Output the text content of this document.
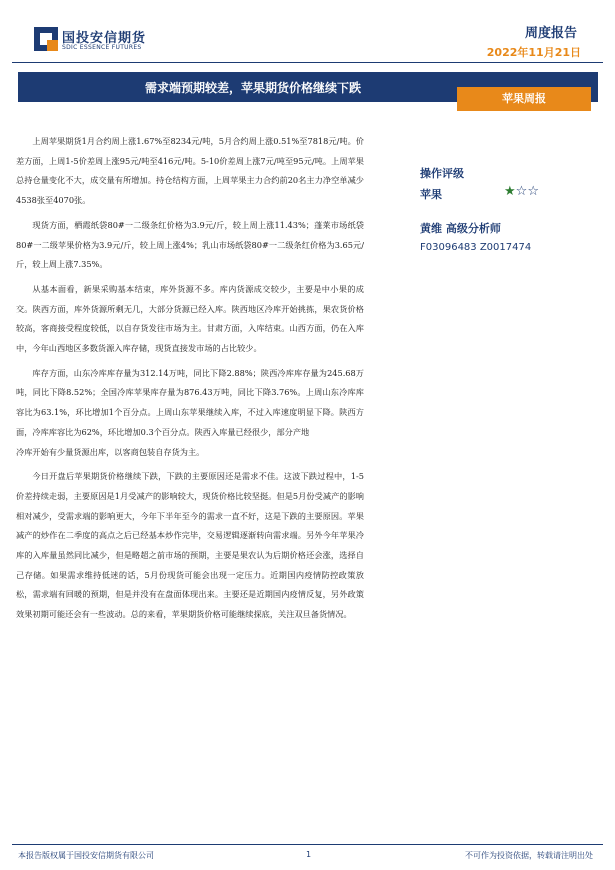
国投安信期货
SDIC ESSENCE FUTURES
周度报告
2022年11月21日
需求端预期较差，苹果期货价格继续下跌
苹果周报

上周苹果期货1月合约周上涨1.67%至8234元/吨，5月合约周上涨0.51%至7818元/吨。价差方面，上周1-5价差周上涨95元/吨至416元/吨。5-10价差周上涨7元/吨至95元/吨。上周苹果总持仓量变化不大，成交量有所增加。持仓结构方面，上周苹果主力合约前20名主力净空单减少4538张至4070张。

现货方面，栖霞纸袋80#一二级条红价格为3.9元/斤，较上周上涨11.43%；蓬莱市场纸袋80#一二级苹果价格为3.9元/斤，较上周上涨4%；乳山市场纸袋80#一二级条红价格为3.65元/斤，较上周上涨7.35%。

从基本面看，新果采购基本结束，库外货源不多。库内货源成交较少，主要是中小果的成交。陕西方面，库外货源所剩无几，大部分货源已经入库。陕西地区冷库开始挑拣，果农货价格较高，客商接受程度较低，以自存货发往市场为主。甘肃方面，入库结束。山西方面，仍在入库中，今年山西地区多数货源入库存储，现货直接发市场的占比较少。

库存方面，山东冷库库存量为312.14万吨，同比下降2.88%；陕西冷库库存量为245.68万吨，同比下降8.52%；全国冷库苹果库存量为876.43万吨，同比下降3.76%。上周山东冷库库容比为63.1%，环比增加1个百分点。上周山东苹果继续入库，不过入库速度明显下降。陕西方面，冷库库容比为62%，环比增加0.3个百分点。陕西入库量已经很少，部分产地

冷库开始有少量货源出库，以客商包装自存货为主。

今日开盘后苹果期货价格继续下跌，下跌的主要原因还是需求不佳。这波下跌过程中，1-5价差持续走弱，主要原因是1月受减产的影响较大，现货价格比较坚挺。但是5月份受减产的影响相对减少，受需求端的影响更大，今年下半年至今的需求一直不好，这是下跌的主要原因。苹果减产的炒作在二季度的高点之后已经基本炒作完毕，交易逻辑逐渐转向需求端。另外今年苹果冷库的入库量虽然同比减少，但是略超之前市场的预期，主要是果农认为后期价格还会涨，选择自己存储。如果需求维持低迷的话，5月份现货可能会出现一定压力。近期国内疫情防控政策放松，需求端有回暖的预期，但是并没有在盘面体现出来。主要还是近期国内疫情反复，另外政策效果初期可能还会有一些波动。总的来看，苹果期货价格可能继续探底，关注双旦备货情况。

操作评级
苹果	★☆☆
黄维 高级分析师
F03096483 Z0017474
本报告版权属于国投安信期货有限公司	1	不可作为投资依据，转载请注明出处
